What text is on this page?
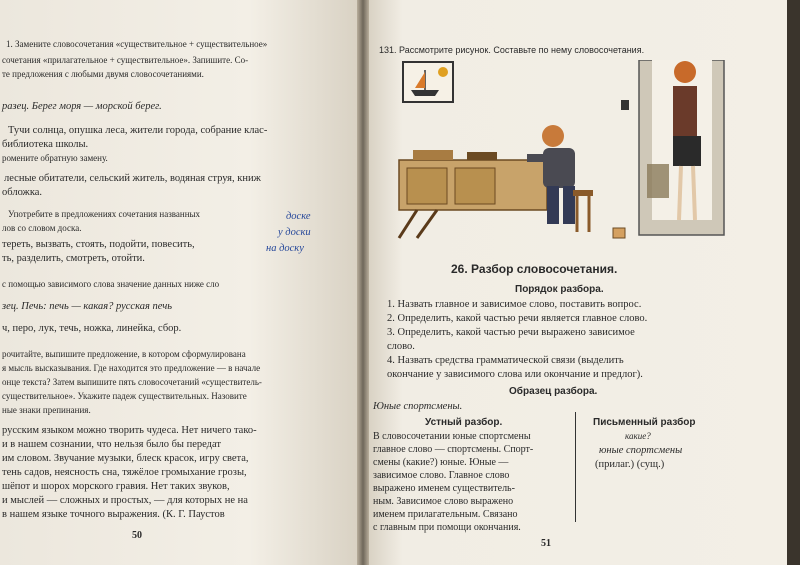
1. Замените словосочетания «существительное + существительное»
сочетания «прилагательное + существительное». Запишите. Со-
те предложения с любыми двумя словосочетаниями.
разец. Берег моря — морской берег.
Тучи солнца, опушка леса, жители города, собрание клас-
библиотека школы.
ромените обратную замену.
лесные обитатели, сельский житель, водяная струя, книж
обложка.
Употребите в предложениях сочетания названных
лов со словом доска.
тереть, вызвать, стоять, подойти, повесить,
ть, разделить, смотреть, отойти.
доске
у доски
на доску
с помощью зависимого слова значение данных ниже сло
зец. Печь: печь — какая? русская печь
ч, перо, лук, течь, ножка, линейка, сбор.
рочитайте, выпишите предложение, в котором сформулирована
я мысль высказывания. Где находится это предложение — в начале
онце текста? Затем выпишите пять словосочетаний «существитель-
существительное». Укажите падеж существительных. Назовите
ные знаки препинания.
русским языком можно творить чудеса. Нет ничего тако-
и в нашем сознании, что нельзя было бы передат
им словом. Звучание музыки, блеск красок, игру света,
тень садов, неясность сна, тяжёлое громыхание грозы,
шёпот и шорох морского гравия. Нет таких звуков,
и мыслей — сложных и простых, — для которых не на
в нашем языке точного выражения. (К. Г. Паустов
50
131. Рассмотрите рисунок. Составьте по нему словосочетания.
26. Разбор словосочетания.
Порядок разбора.
1. Назвать главное и зависимое слово, поставить вопрос.
2. Определить, какой частью речи является главное слово.
3. Определить, какой частью речи выражено зависимое
слово.
4. Назвать средства грамматической связи (выделить
окончание у зависимого слова или окончание и предлог).
Образец разбора.
Юные спортсмены.
Устный разбор.	Письменный разбор
В словосочетании юные спортсмены
главное слово — спортсмены. Спорт-
смены (какие?) юные. Юные —
зависимое слово. Главное слово
выражено именем существитель-
ным. Зависимое слово выражено
именем прилагательным. Связано
с главным при помощи окончания.
какие?
юные спортсмены
(прилаг.) (сущ.)
51
